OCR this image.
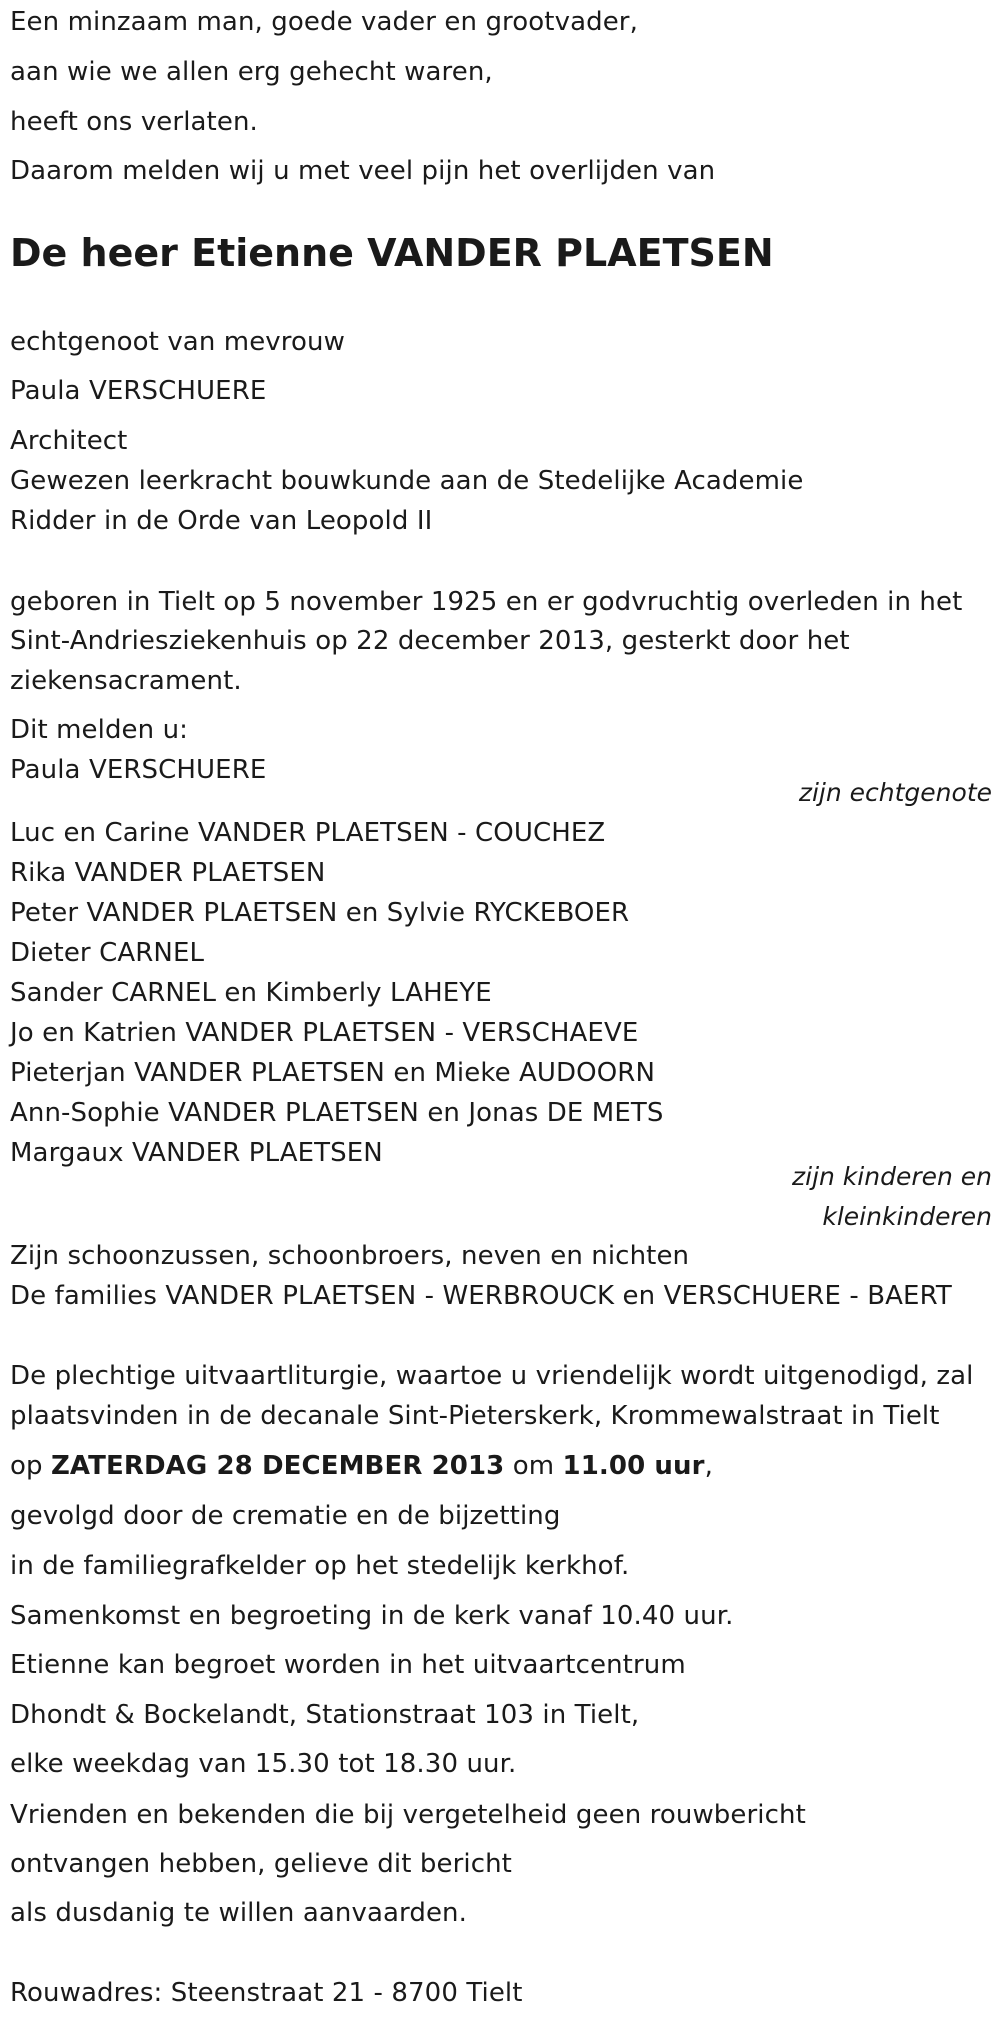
Een minzaam man, goede vader en grootvader,
aan wie we allen erg gehecht waren,
heeft ons verlaten.
Daarom melden wij u met veel pijn het overlijden van
De heer Etienne VANDER PLAETSEN
echtgenoot van mevrouw
Paula VERSCHUERE
Architect
Gewezen leerkracht bouwkunde aan de Stedelijke Academie
Ridder in de Orde van Leopold II
geboren in Tielt op 5 november 1925 en er godvruchtig overleden in het
Sint-Andriesziekenhuis op 22 december 2013, gesterkt door het
ziekensacrament.
Dit melden u:
Paula VERSCHUERE
zijn echtgenote
Luc en Carine VANDER PLAETSEN - COUCHEZ
Rika VANDER PLAETSEN
Peter VANDER PLAETSEN en Sylvie RYCKEBOER
Dieter CARNEL
Sander CARNEL en Kimberly LAHEYE
Jo en Katrien VANDER PLAETSEN - VERSCHAEVE
Pieterjan VANDER PLAETSEN en Mieke AUDOORN
Ann-Sophie VANDER PLAETSEN en Jonas DE METS
Margaux VANDER PLAETSEN
zijn kinderen en
kleinkinderen
Zijn schoonzussen, schoonbroers, neven en nichten
De families VANDER PLAETSEN - WERBROUCK en VERSCHUERE - BAERT
De plechtige uitvaartliturgie, waartoe u vriendelijk wordt uitgenodigd, zal
plaatsvinden in de decanale Sint-Pieterskerk, Krommewalstraat in Tielt
op ZATERDAG 28 DECEMBER 2013 om 11.00 uur,
gevolgd door de crematie en de bijzetting
in de familiegrafkelder op het stedelijk kerkhof.
Samenkomst en begroeting in de kerk vanaf 10.40 uur.
Etienne kan begroet worden in het uitvaartcentrum
Dhondt & Bockelandt, Stationstraat 103 in Tielt,
elke weekdag van 15.30 tot 18.30 uur.
Vrienden en bekenden die bij vergetelheid geen rouwbericht
ontvangen hebben, gelieve dit bericht
als dusdanig te willen aanvaarden.
Rouwadres: Steenstraat 21 - 8700 Tielt
